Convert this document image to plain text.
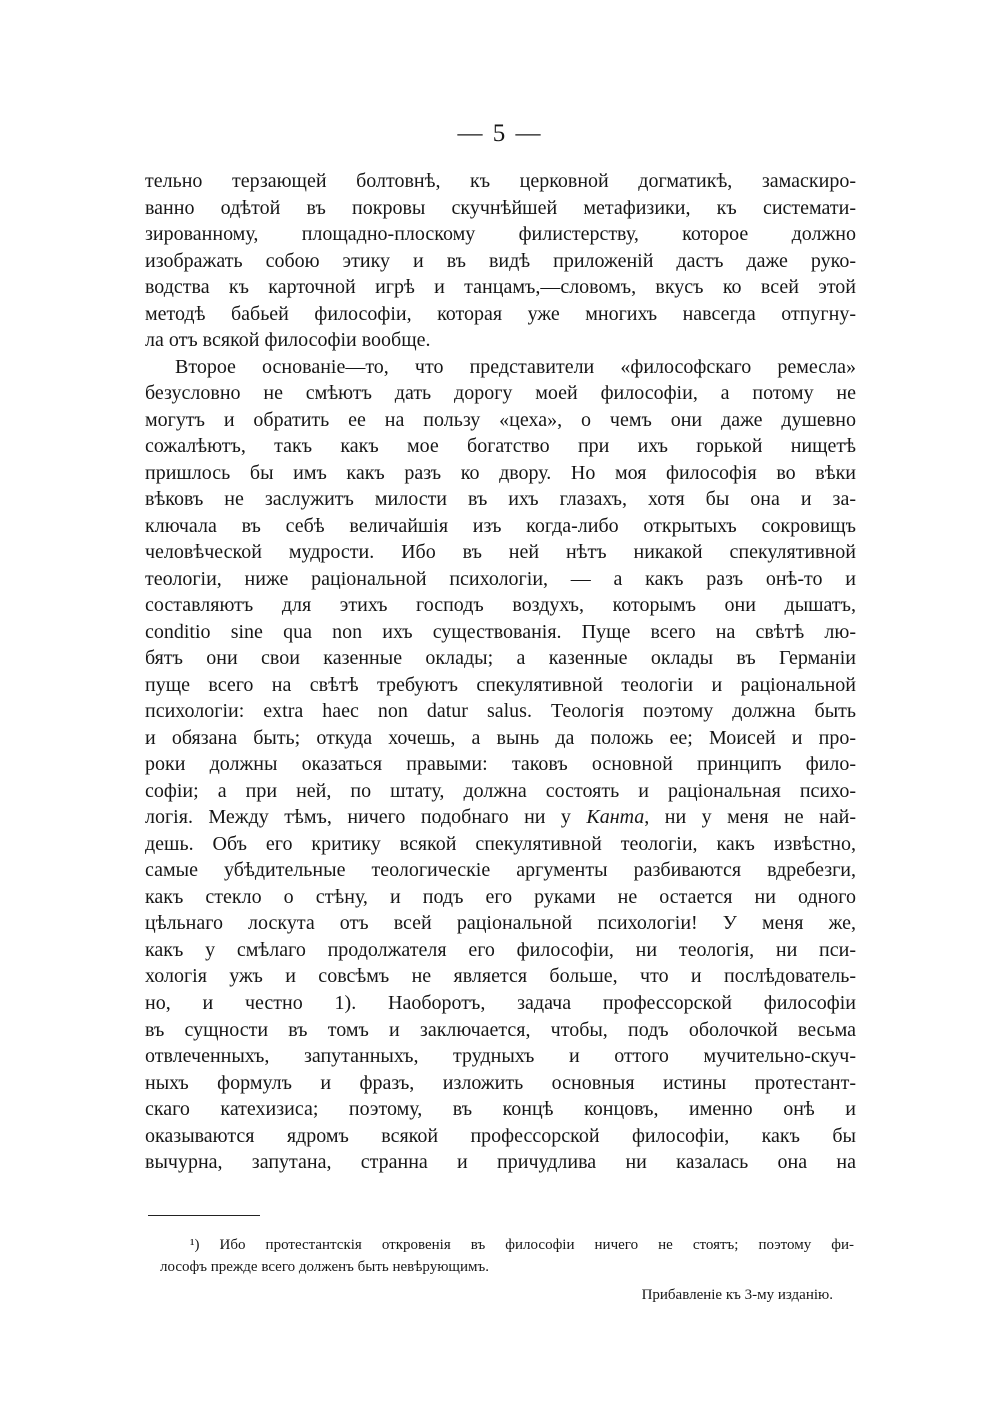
— 5 —
тельно терзающей болтовнѣ, къ церковной догматикѣ, замаскиро-
ванно одѣтой въ покровы скучнѣйшей метафизики, къ системати-
зированному, площадно-плоскому филистерству, которое должно
изображать собою этику и въ видѣ приложеній дастъ даже руко-
водства къ карточной игрѣ и танцамъ,—словомъ, вкусъ ко всей этой
методѣ бабьей философіи, которая уже многихъ навсегда отпугну-
ла отъ всякой философіи вообще.
Второе основаніе—то, что представители «философскаго ремесла»
безусловно не смѣютъ дать дорогу моей философіи, а потому не
могутъ и обратить ее на пользу «цеха», о чемъ они даже душевно
сожалѣютъ, такъ какъ мое богатство при ихъ горькой нищетѣ
пришлось бы имъ какъ разъ ко двору. Но моя философія во вѣки
вѣковъ не заслужитъ милости въ ихъ глазахъ, хотя бы она и за-
ключала въ себѣ величайшія изъ когда-либо открытыхъ сокровищъ
человѣческой мудрости. Ибо въ ней нѣтъ никакой спекулятивной
теологіи, ниже раціональной психологіи, — а какъ разъ онѣ-то и
составляютъ для этихъ господъ воздухъ, которымъ они дышатъ,
conditio sine qua non ихъ существованія. Пуще всего на свѣтѣ лю-
бятъ они свои казенные оклады; а казенные оклады въ Германіи
пуще всего на свѣтѣ требуютъ спекулятивной теологіи и раціональной
психологіи: extra haec non datur salus. Теологія поэтому должна быть
и обязана быть; откуда хочешь, а вынь да положь ее; Моисей и про-
роки должны оказаться правыми: таковъ основной принципъ фило-
софіи; а при ней, по штату, должна состоять и раціональная психо-
логія. Между тѣмъ, ничего подобнаго ни у Канта, ни у меня не най-
дешь. Объ его критику всякой спекулятивной теологіи, какъ извѣстно,
самые убѣдительные теологическіе аргументы разбиваются вдребезги,
какъ стекло о стѣну, и подъ его руками не остается ни одного
цѣльнаго лоскута отъ всей раціональной психологіи! У меня же,
какъ у смѣлаго продолжателя его философіи, ни теологія, ни пси-
хологія ужъ и совсѣмъ не является больше, что и послѣдователь-
но, и честно 1). Наоборотъ, задача профессорской философіи
въ сущности въ томъ и заключается, чтобы, подъ оболочкой весьма
отвлеченныхъ, запутанныхъ, трудныхъ и оттого мучительно-скуч-
ныхъ формулъ и фразъ, изложить основныя истины протестант-
скаго катехизиса; поэтому, въ концѣ концовъ, именно онѣ и
оказываются ядромъ всякой профессорской философіи, какъ бы
вычурна, запутана, странна и причудлива ни казалась она на
¹) Ибо протестантскія откровенія въ философіи ничего не стоятъ; поэтому фи-
лософъ прежде всего долженъ быть невѣрующимъ.
Прибавленіе къ 3-му изданію.
